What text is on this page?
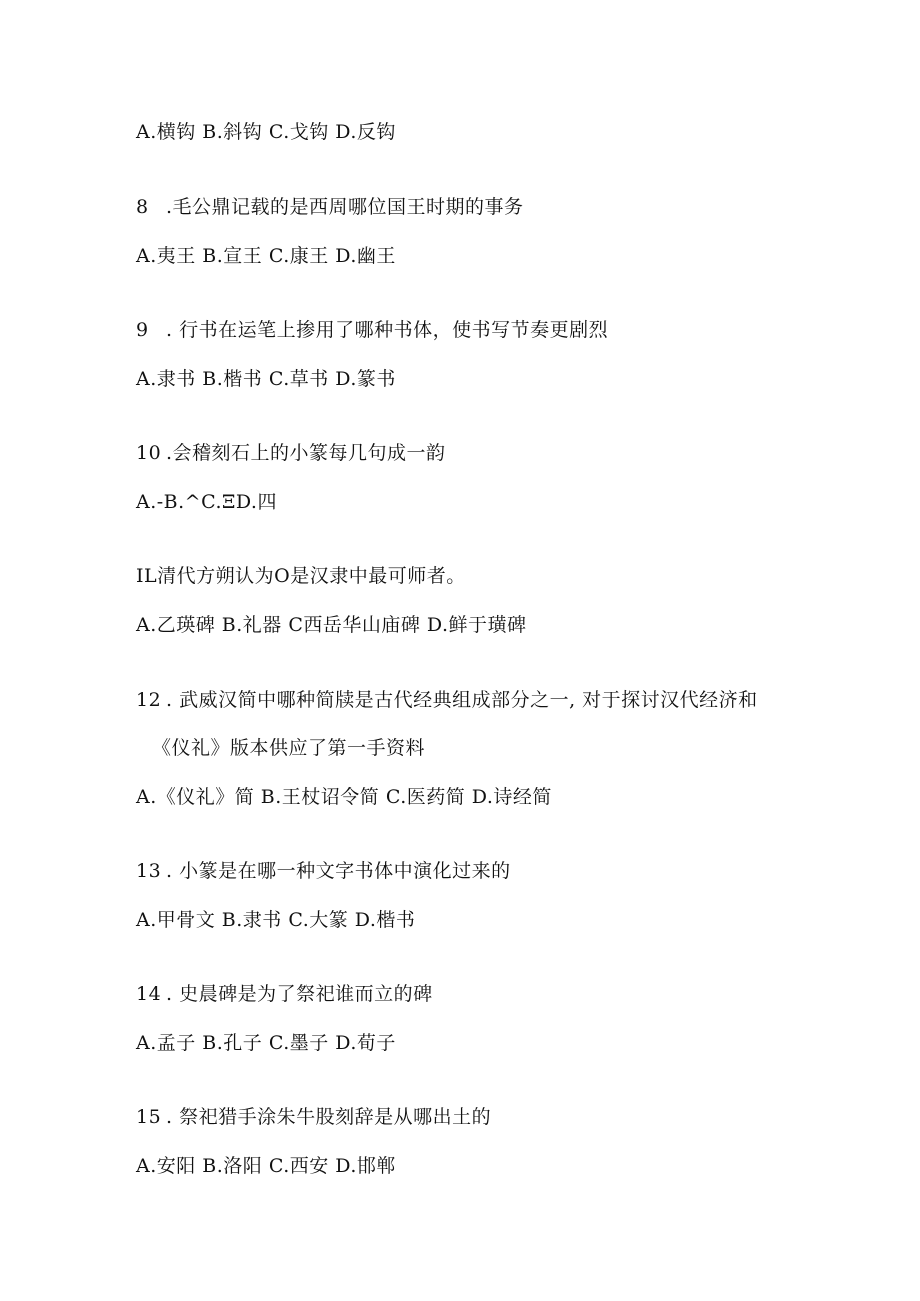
A.横钩 B.斜钩 C.戈钩 D.反钩
8 .毛公鼎记载的是西周哪位国王时期的事务
A.夷王 B.宣王 C.康王 D.幽王
9 . 行书在运笔上掺用了哪种书体，使书写节奏更剧烈
A.隶书 B.楷书 C.草书 D.篆书
10 .会稽刻石上的小篆每几句成一韵
A.-B.^C.ΞD.四
IL清代方朔认为O是汉隶中最可师者。
A.乙瑛碑 B.礼器 C西岳华山庙碑 D.鲜于璜碑
12 . 武威汉简中哪种简牍是古代经典组成部分之一, 对于探讨汉代经济和
《仪礼》版本供应了第一手资料
A.《仪礼》简 B.王杖诏令简 C.医药简 D.诗经简
13 . 小篆是在哪一种文字书体中演化过来的
A.甲骨文 B.隶书 C.大篆 D.楷书
14 . 史晨碑是为了祭祀谁而立的碑
A.孟子 B.孔子 C.墨子 D.荀子
15 . 祭祀猎手涂朱牛股刻辞是从哪出土的
A.安阳 B.洛阳 C.西安 D.邯郸
